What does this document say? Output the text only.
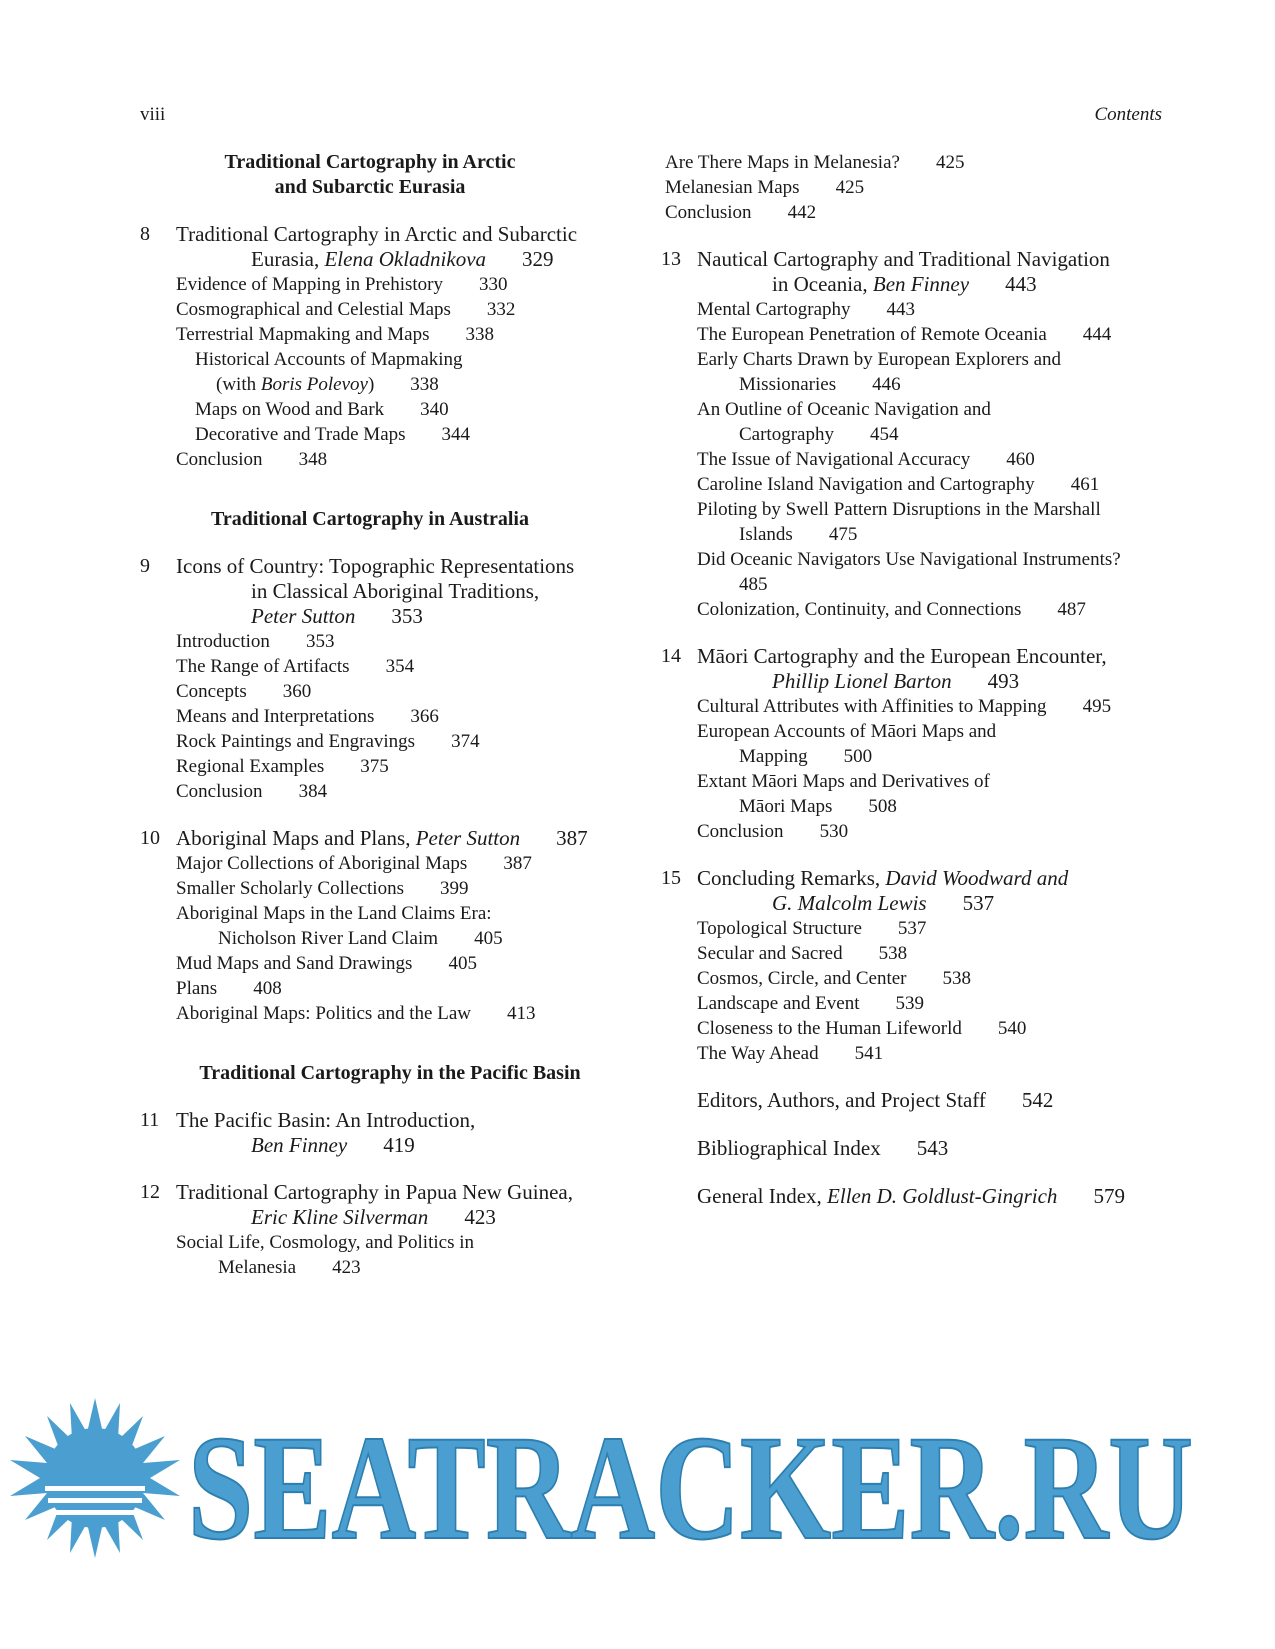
viii	Contents
Traditional Cartography in Arctic
and Subarctic Eurasia
8 Traditional Cartography in Arctic and Subarctic
Eurasia, Elena Okladnikova 329
Evidence of Mapping in Prehistory 330
Cosmographical and Celestial Maps 332
Terrestrial Mapmaking and Maps 338
Historical Accounts of Mapmaking
(with Boris Polevoy) 338
Maps on Wood and Bark 340
Decorative and Trade Maps 344
Conclusion 348
Traditional Cartography in Australia
9 Icons of Country: Topographic Representations
in Classical Aboriginal Traditions,
Peter Sutton 353
Introduction 353
The Range of Artifacts 354
Concepts 360
Means and Interpretations 366
Rock Paintings and Engravings 374
Regional Examples 375
Conclusion 384
10 Aboriginal Maps and Plans, Peter Sutton 387
Major Collections of Aboriginal Maps 387
Smaller Scholarly Collections 399
Aboriginal Maps in the Land Claims Era:
Nicholson River Land Claim 405
Mud Maps and Sand Drawings 405
Plans 408
Aboriginal Maps: Politics and the Law 413
Traditional Cartography in the Pacific Basin
11 The Pacific Basin: An Introduction,
Ben Finney 419
12 Traditional Cartography in Papua New Guinea,
Eric Kline Silverman 423
Social Life, Cosmology, and Politics in
Melanesia 423
Are There Maps in Melanesia? 425
Melanesian Maps 425
Conclusion 442
13 Nautical Cartography and Traditional Navigation
in Oceania, Ben Finney 443
Mental Cartography 443
The European Penetration of Remote Oceania 444
Early Charts Drawn by European Explorers and
Missionaries 446
An Outline of Oceanic Navigation and
Cartography 454
The Issue of Navigational Accuracy 460
Caroline Island Navigation and Cartography 461
Piloting by Swell Pattern Disruptions in the Marshall
Islands 475
Did Oceanic Navigators Use Navigational Instruments?
485
Colonization, Continuity, and Connections 487
14 Māori Cartography and the European Encounter,
Phillip Lionel Barton 493
Cultural Attributes with Affinities to Mapping 495
European Accounts of Māori Maps and
Mapping 500
Extant Māori Maps and Derivatives of
Māori Maps 508
Conclusion 530
15 Concluding Remarks, David Woodward and
G. Malcolm Lewis 537
Topological Structure 537
Secular and Sacred 538
Cosmos, Circle, and Center 538
Landscape and Event 539
Closeness to the Human Lifeworld 540
The Way Ahead 541
Editors, Authors, and Project Staff 542
Bibliographical Index 543
General Index, Ellen D. Goldlust-Gingrich 579
SEATRACKER.RU
